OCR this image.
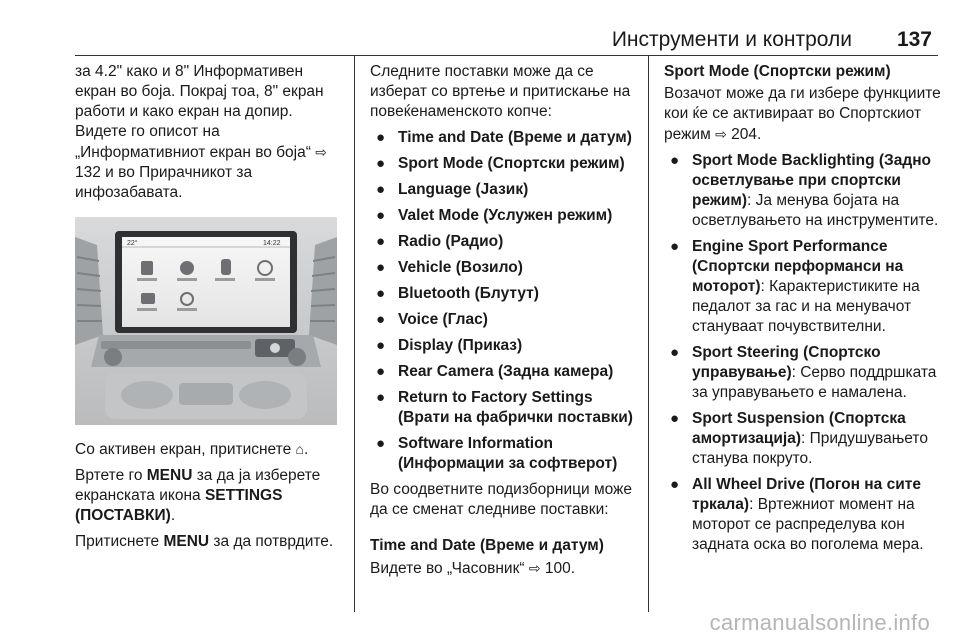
Инструменти и контроли 137

за 4.2" како и 8" Информативен екран во боја. Покрај тоа, 8" екран работи и како екран на допир. Видете го описот на „Информативниот екран во боја“ ⇨ 132 и во Прирачникот за инфозабавата.

22°	14:22

Со активен екран, притиснете ⌂.

Вртете го MENU за да ја изберете екранската икона SETTINGS (ПОСТАВКИ).

Притиснете MENU за да потврдите.

Следните поставки може да се изберат со вртење и притискање на повеќенаменското копче:

● Time and Date (Време и датум)
● Sport Mode (Спортски режим)
● Language (Јазик)
● Valet Mode (Услужен режим)
● Radio (Радио)
● Vehicle (Возило)
● Bluetooth (Блутут)
● Voice (Глас)
● Display (Приказ)
● Rear Camera (Задна камера)
● Return to Factory Settings (Врати на фабрички поставки)
● Software Information (Информации за софтверот)

Во соодветните подизборници може да се сменат следниве поставки:

Time and Date (Време и датум)

Видете во „Часовник“ ⇨ 100.

Sport Mode (Спортски режим)

Возачот може да ги избере функциите кои ќе се активираат во Спортскиот режим ⇨ 204.

● Sport Mode Backlighting (Задно осветлување при спортски режим): Ја менува бојата на осветлувањето на инструментите.
● Engine Sport Performance (Спортски перформанси на моторот): Карактеристиките на педалот за гас и на менувачот стануваат почувствителни.
● Sport Steering (Спортско управување): Серво поддршката за управувањето е намалена.
● Sport Suspension (Спортска амортизација): Придушувањето станува покруто.
● All Wheel Drive (Погон на сите тркала): Вртежниот момент на моторот се распределува кон задната оска во поголема мера.
carmanualsonline.info
